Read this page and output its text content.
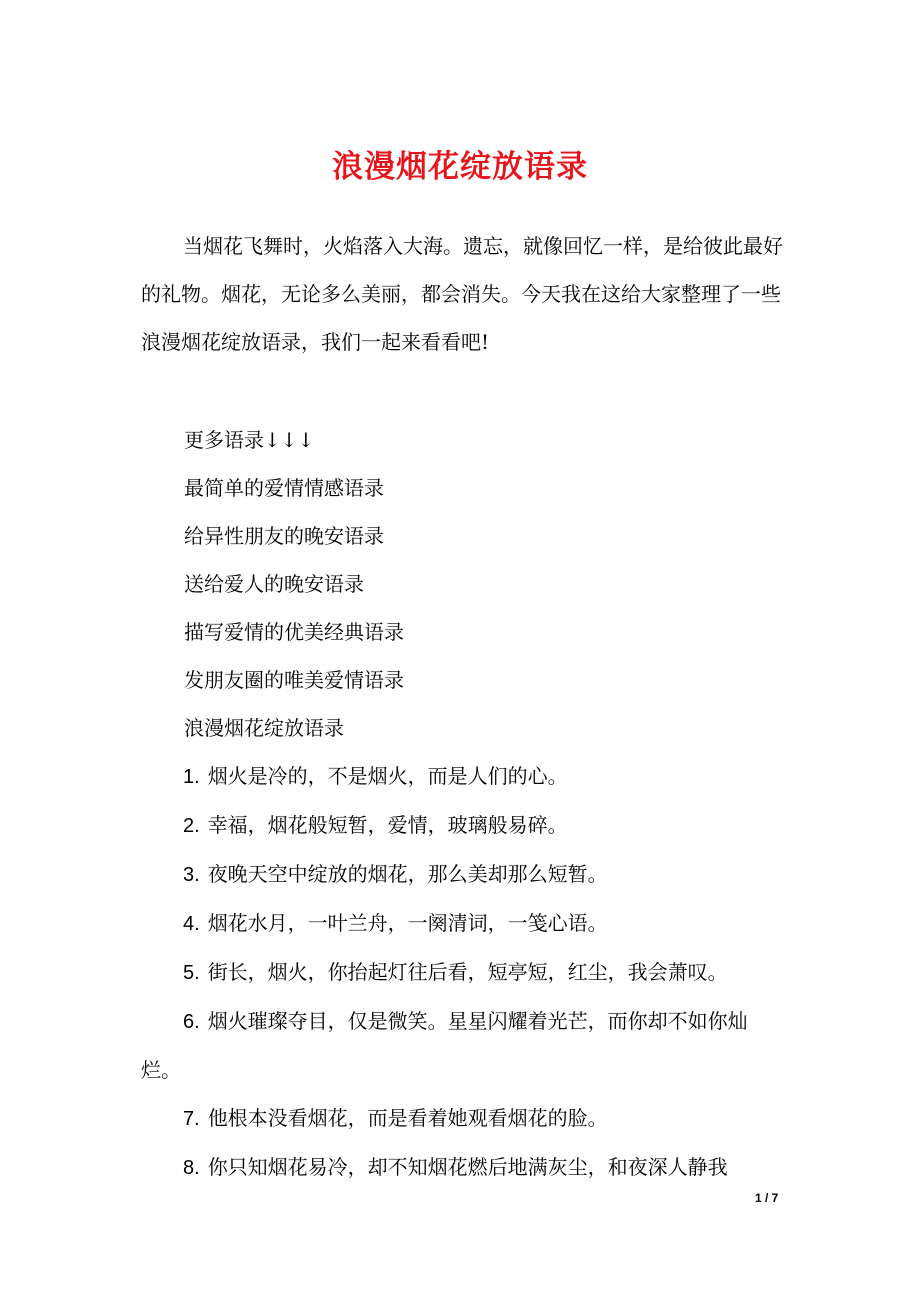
浪漫烟花绽放语录

当烟花飞舞时，火焰落入大海。遗忘，就像回忆一样，是给彼此最好的礼物。烟花，无论多么美丽，都会消失。今天我在这给大家整理了一些浪漫烟花绽放语录，我们一起来看看吧!

更多语录↓↓↓
最简单的爱情情感语录
给异性朋友的晚安语录
送给爱人的晚安语录
描写爱情的优美经典语录
发朋友圈的唯美爱情语录
浪漫烟花绽放语录
1. 烟火是冷的，不是烟火，而是人们的心。
2. 幸福，烟花般短暂，爱情，玻璃般易碎。
3. 夜晚天空中绽放的烟花，那么美却那么短暂。
4. 烟花水月，一叶兰舟，一阕清词，一笺心语。
5. 街长，烟火，你抬起灯往后看，短亭短，红尘，我会萧叹。
6. 烟火璀璨夺目，仅是微笑。星星闪耀着光芒，而你却不如你灿烂。
7. 他根本没看烟花，而是看着她观看烟花的脸。
8. 你只知烟花易冷，却不知烟花燃后地满灰尘，和夜深人静我
1 / 7
